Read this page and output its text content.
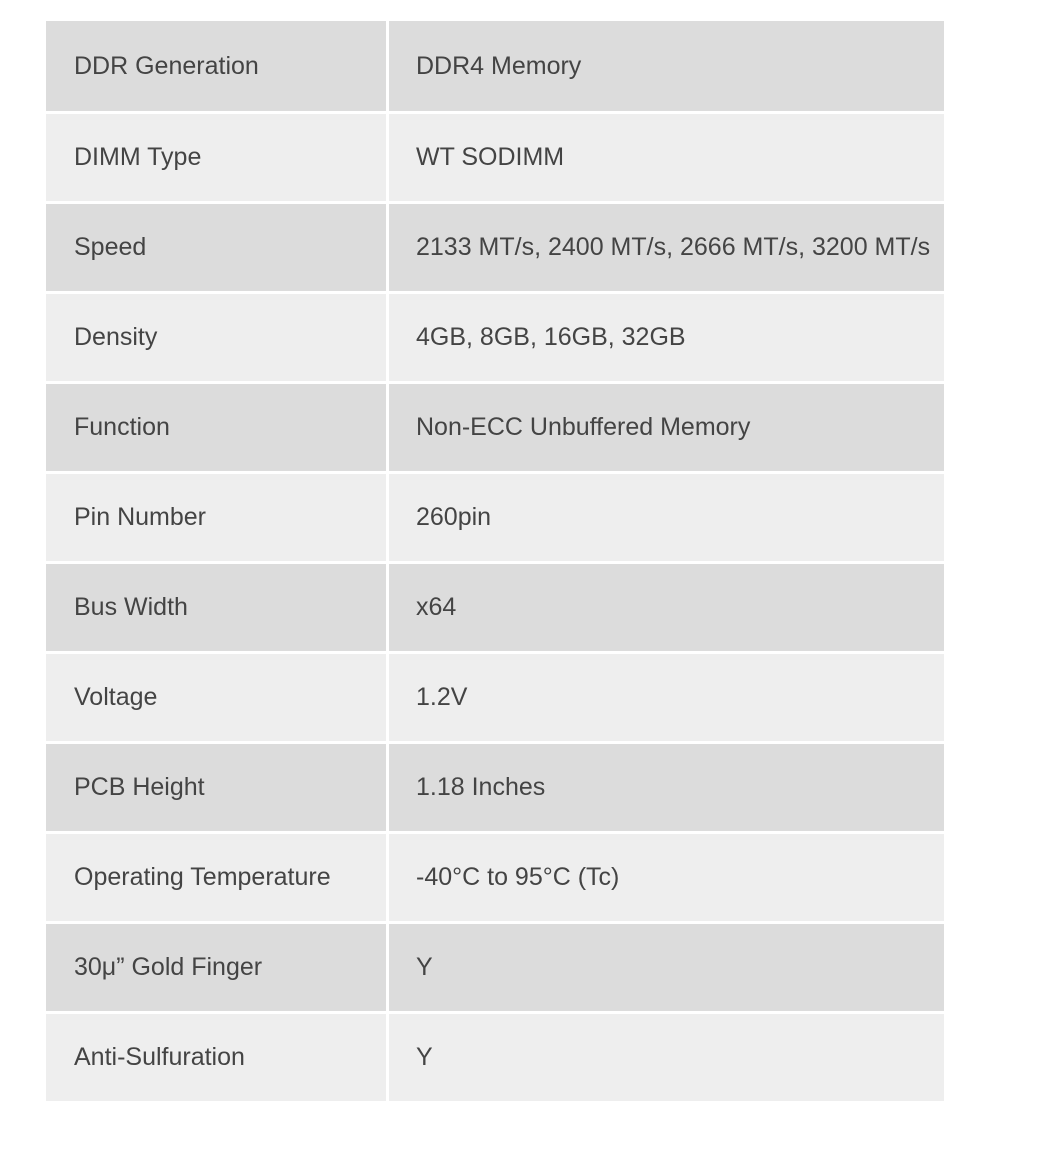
DDR Generation	DDR4 Memory
DIMM Type	WT SODIMM
Speed	2133 MT/s, 2400 MT/s, 2666 MT/s, 3200 MT/s
Density	4GB, 8GB, 16GB, 32GB
Function	Non-ECC Unbuffered Memory
Pin Number	260pin
Bus Width	x64
Voltage	1.2V
PCB Height	1.18 Inches
Operating Temperature	-40°C to 95°C (Tc)
30μ” Gold Finger	Y
Anti-Sulfuration	Y
